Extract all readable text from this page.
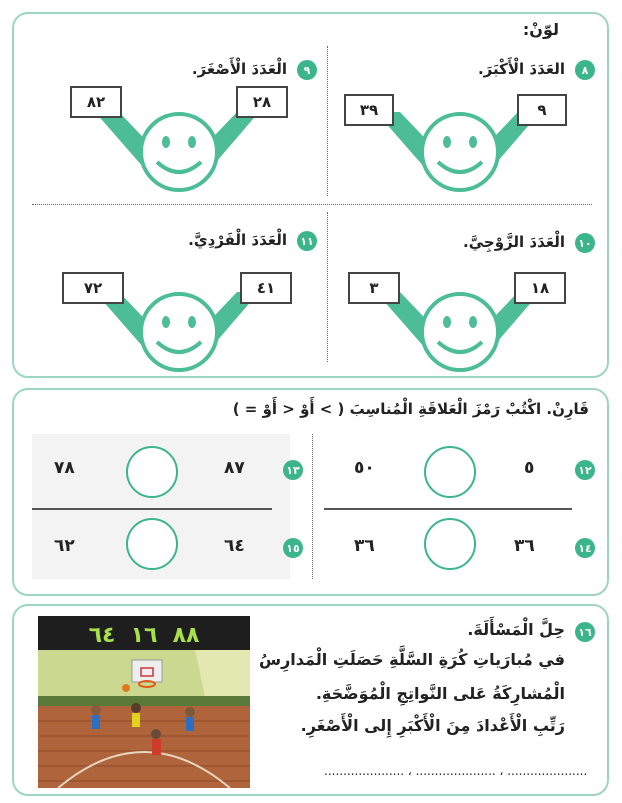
لوّنْ:
٨
العَدَدَ الْأَكْبَرَ.
٣٩	٩
٩
الْعَدَدَ الْأَصْغَرَ.
٨٢	٢٨
١٠
الْعَدَدَ الزَّوْجِيَّ.
٣	١٨
١١
الْعَدَدَ الْفَرْدِيَّ.
٧٢	٤١
قَارِنْ. اكْتُبْ رَمْزَ الْعَلاقَةِ الْمُناسِبَ ( > أَوْ < أَوْ = )
١٢
٥
٥٠
١٣
٨٧
٧٨
١٤
٣٦
٣٦
١٥
٦٤
٦٢
١٦
حِلَّ الْمَسْأَلَةَ.
في مُبارَياتِ كُرَةِ السَّلَّةِ حَصَلَتِ الْمَدارِسُ
الْمُشارِكَةُ عَلى النَّواتِجِ الْمُوَضَّحَةِ.
رَتِّبِ الْأَعْدادَ مِنَ الْأَكْبَرِ إِلى الْأَصْغَرِ.
..................... ، ..................... ، .....................
٦٤ ١٦ ٨٨
